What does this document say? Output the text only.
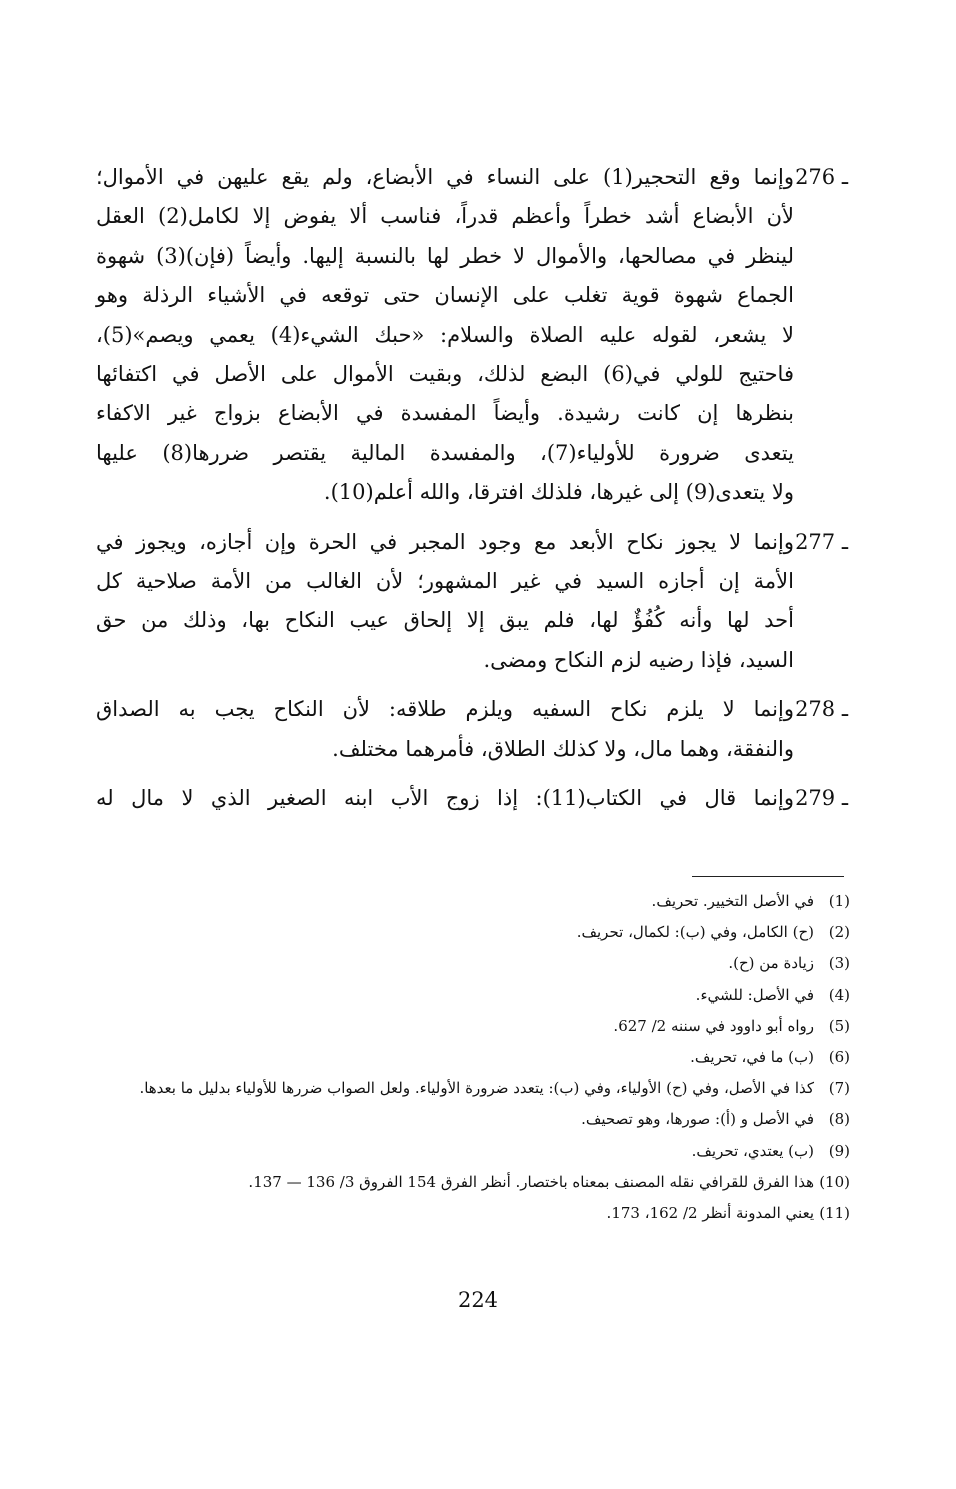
276 ـ
وإنما وقع التحجير(1) على النساء في الأبضاع، ولم يقع عليهن في الأموال؛
لأن الأبضاع أشد خطراً وأعظم قدراً، فناسب ألا يفوض إلا لكامل(2) العقل
لينظر في مصالحها، والأموال لا خطر لها بالنسبة إليها. وأيضاً (فإن)(3) شهوة
الجماع شهوة قوية تغلب على الإنسان حتى توقعه في الأشياء الرذلة وهو
لا يشعر، لقوله عليه الصلاة والسلام: «حبك الشيء(4) يعمي ويصم»(5)،
فاحتيج للولي في(6) البضع لذلك، وبقيت الأموال على الأصل في اكتفائها
بنظرها إن كانت رشيدة. وأيضاً المفسدة في الأبضاع بزواج غير الاكفاء
يتعدى ضرورة للأولياء(7)، والمفسدة المالية يقتصر ضررها(8) عليها
ولا يتعدى(9) إلى غيرها، فلذلك افترقا، والله أعلم(10).
277 ـ
وإنما لا يجوز نكاح الأبعد مع وجود المجبر في الحرة وإن أجازه، ويجوز في
الأمة إن أجازه السيد في غير المشهور؛ لأن الغالب من الأمة صلاحية كل
أحد لها وأنه كُفُؤٌ لها، فلم يبق إلا إلحاق عيب النكاح بها، وذلك من حق
السيد، فإذا رضيه لزم النكاح ومضى.
278 ـ
وإنما لا يلزم نكاح السفيه ويلزم طلاقه: لأن النكاح يجب به الصداق
والنفقة، وهما مال، ولا كذلك الطلاق، فأمرهما مختلف.
279 ـ
وإنما قال في الكتاب(11): إذا زوج الأب ابنه الصغير الذي لا مال له
(1)
في الأصل التخيير. تحريف.
(2)
(ح) الكامل، وفي (ب): لكمال، تحريف.
(3)
زيادة من (ح).
(4)
في الأصل: للشيء.
(5)
رواه أبو داوود في سننه 2/ 627.
(6)
(ب) ما في، تحريف.
(7)
كذا في الأصل، وفي (ح) الأولياء، وفي (ب): يتعدد ضرورة الأولياء. ولعل الصواب ضررها للأولياء بدليل ما بعدها.
(8)
في الأصل و (أ): صورها، وهو تصحيف.
(9)
(ب) يعتدي، تحريف.
(10)
هذا الفرق للقرافي نقله المصنف بمعناه باختصار. أنظر الفرق 154 الفروق 3/ 136 — 137.
(11)
يعني المدونة أنظر 2/ 162، 173.
224
